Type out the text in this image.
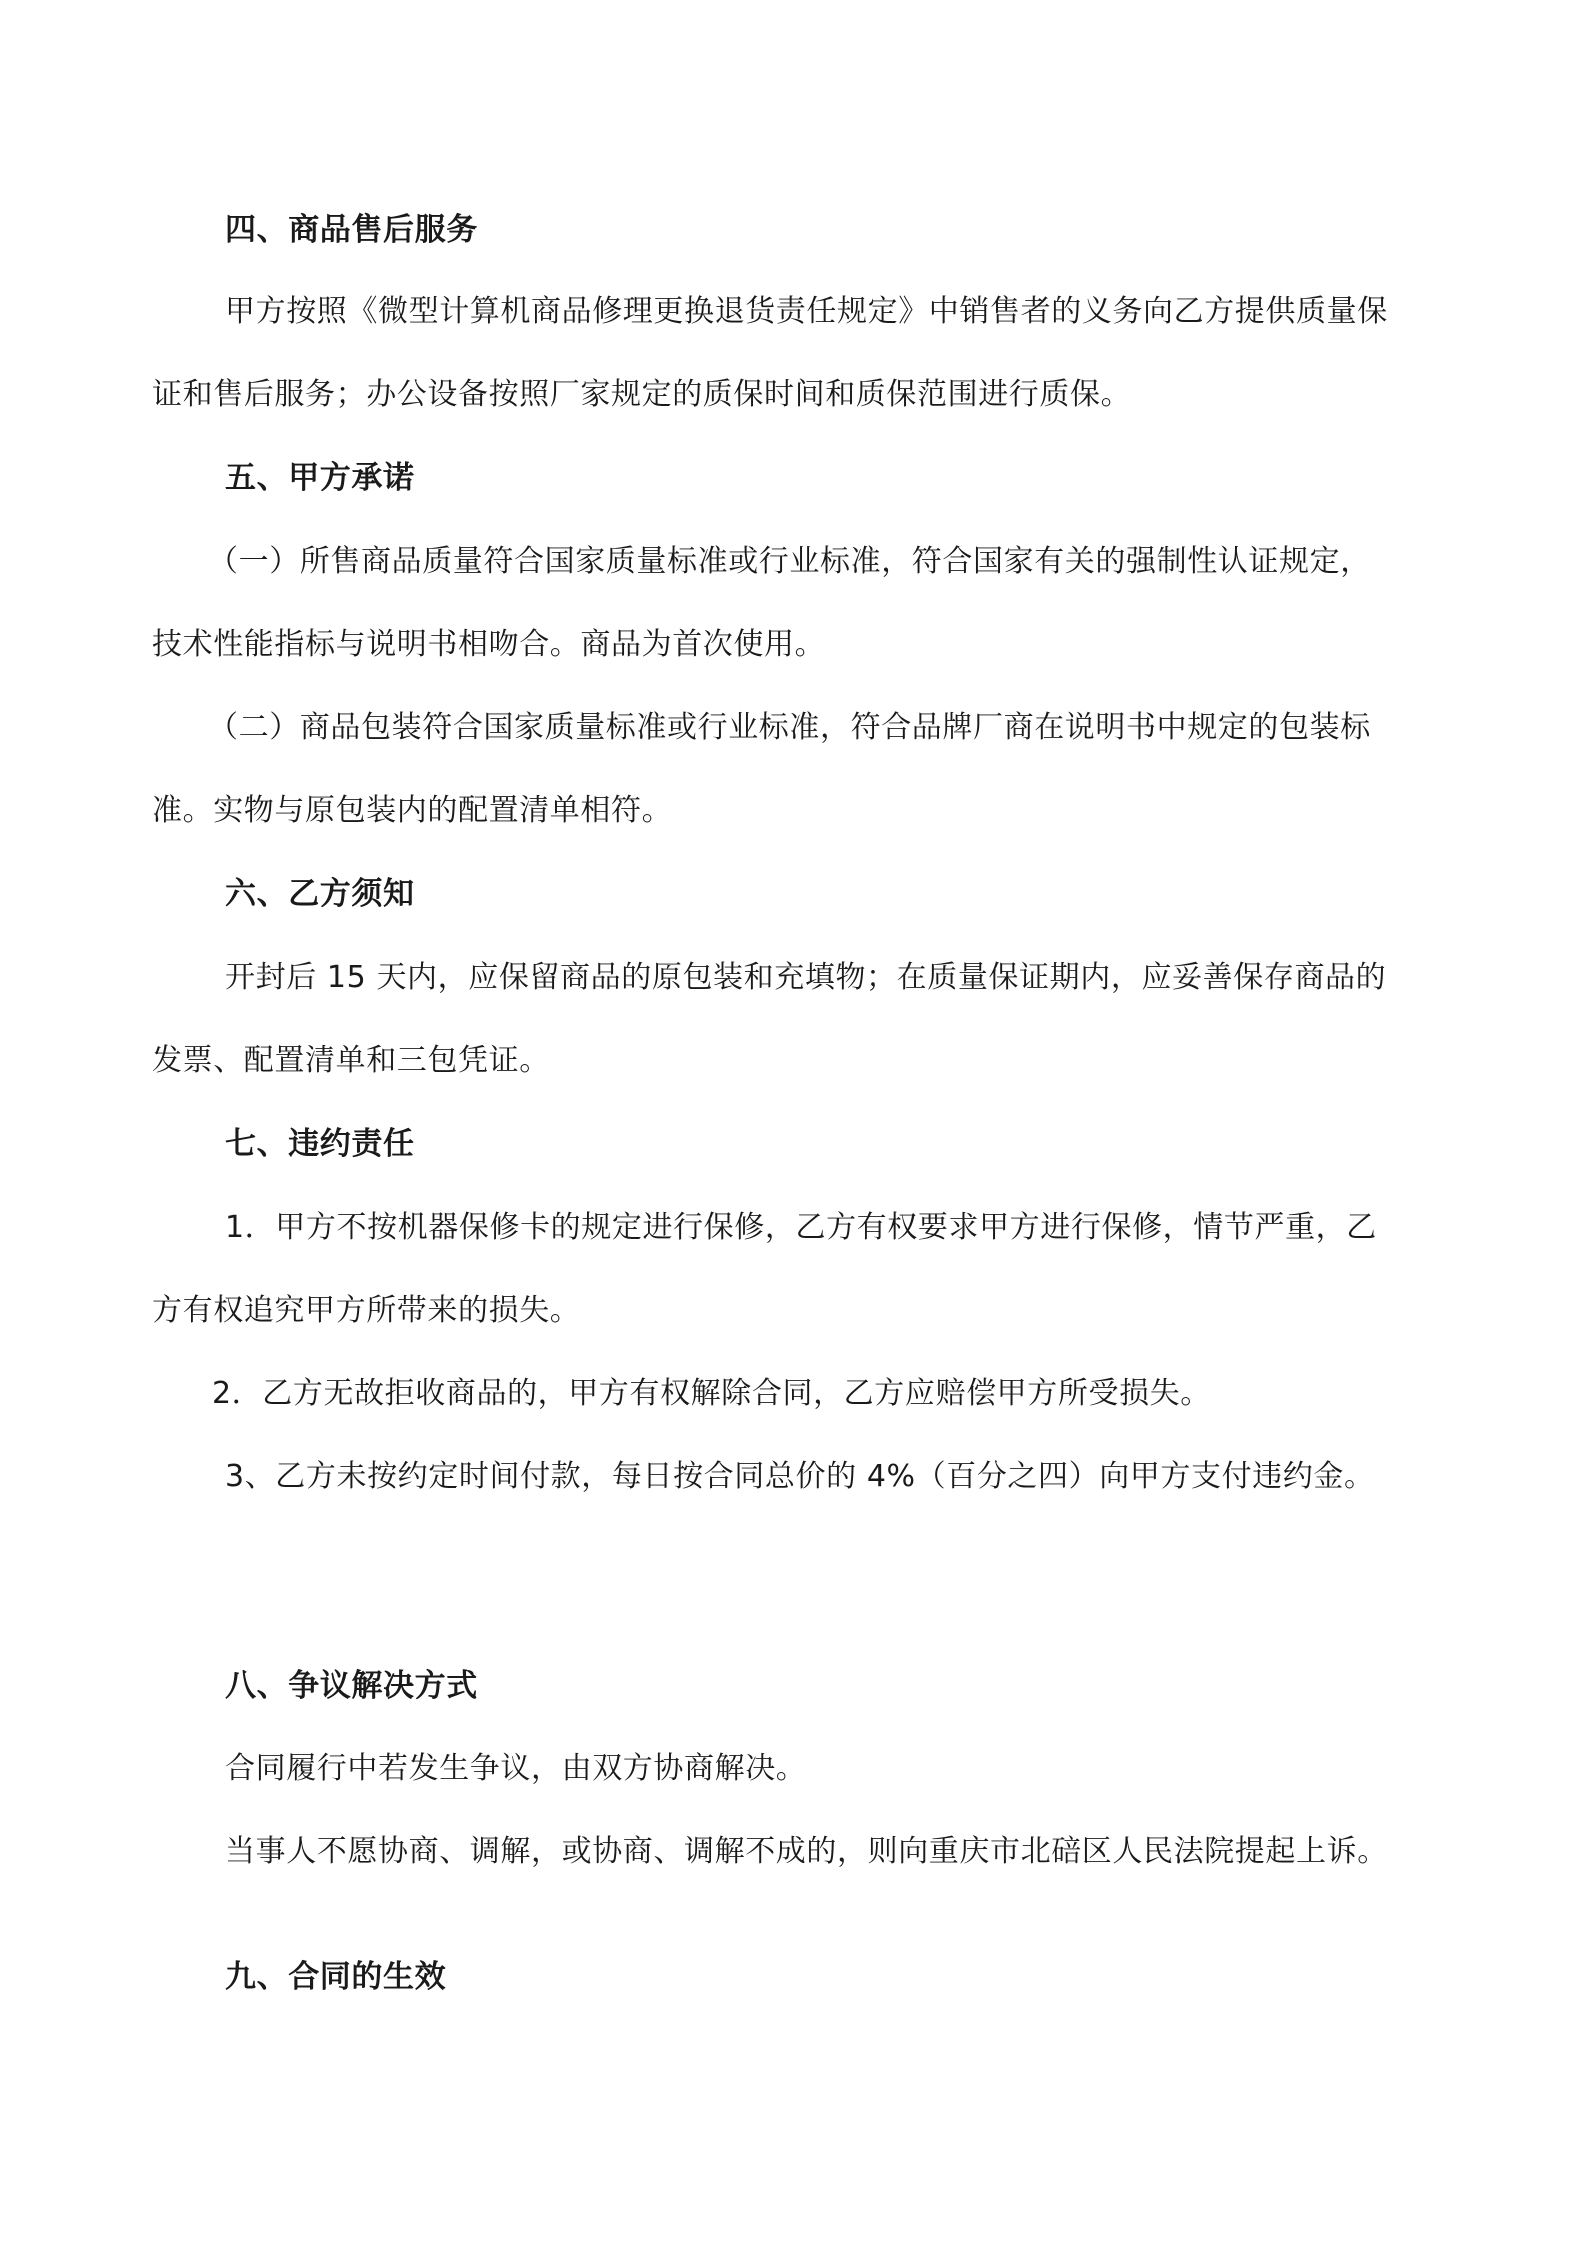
四、商品售后服务
甲方按照《微型计算机商品修理更换退货责任规定》中销售者的义务向乙方提供质量保
证和售后服务；办公设备按照厂家规定的质保时间和质保范围进行质保。
五、甲方承诺
（一）所售商品质量符合国家质量标准或行业标准，符合国家有关的强制性认证规定，
技术性能指标与说明书相吻合。商品为首次使用。
（二）商品包装符合国家质量标准或行业标准，符合品牌厂商在说明书中规定的包装标
准。实物与原包装内的配置清单相符。
六、乙方须知
开封后 15 天内，应保留商品的原包装和充填物；在质量保证期内，应妥善保存商品的
发票、配置清单和三包凭证。
七、违约责任
1．甲方不按机器保修卡的规定进行保修，乙方有权要求甲方进行保修，情节严重，乙
方有权追究甲方所带来的损失。
2．乙方无故拒收商品的，甲方有权解除合同，乙方应赔偿甲方所受损失。
3、乙方未按约定时间付款，每日按合同总价的 4%（百分之四）向甲方支付违约金。
八、争议解决方式
合同履行中若发生争议，由双方协商解决。
当事人不愿协商、调解，或协商、调解不成的，则向重庆市北碚区人民法院提起上诉。
九、合同的生效
